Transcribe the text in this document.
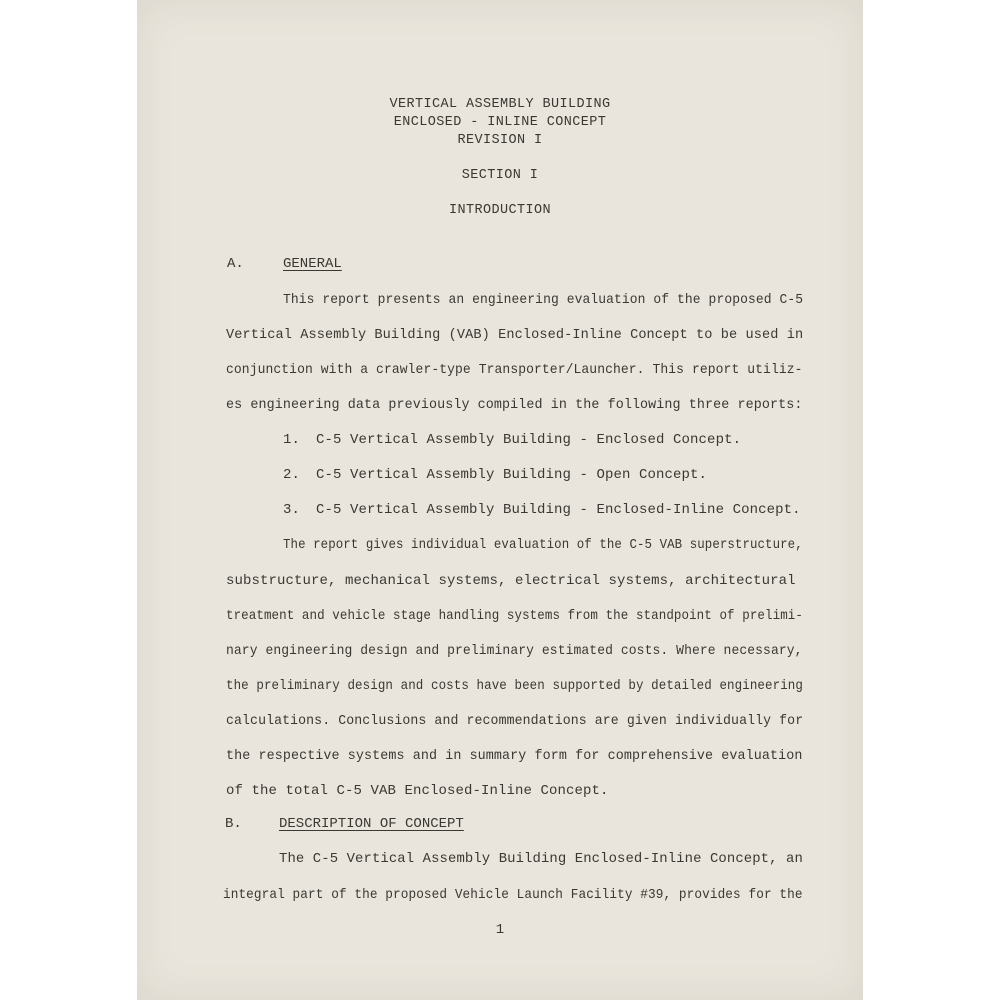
VERTICAL ASSEMBLY BUILDING
ENCLOSED - INLINE CONCEPT
REVISION I
SECTION I
INTRODUCTION
A.	GENERAL
This report presents an engineering evaluation of the proposed C-5
Vertical Assembly Building (VAB) Enclosed-Inline Concept to be used in
conjunction with a crawler-type Transporter/Launcher. This report utiliz-
es engineering data previously compiled in the following three reports:
1. C-5 Vertical Assembly Building - Enclosed Concept.
2. C-5 Vertical Assembly Building - Open Concept.
3. C-5 Vertical Assembly Building - Enclosed-Inline Concept.
The report gives individual evaluation of the C-5 VAB superstructure,
substructure, mechanical systems, electrical systems, architectural
treatment and vehicle stage handling systems from the standpoint of prelimi-
nary engineering design and preliminary estimated costs. Where necessary,
the preliminary design and costs have been supported by detailed engineering
calculations. Conclusions and recommendations are given individually for
the respective systems and in summary form for comprehensive evaluation
of the total C-5 VAB Enclosed-Inline Concept.
B.	DESCRIPTION OF CONCEPT
The C-5 Vertical Assembly Building Enclosed-Inline Concept, an
integral part of the proposed Vehicle Launch Facility #39, provides for the
1
